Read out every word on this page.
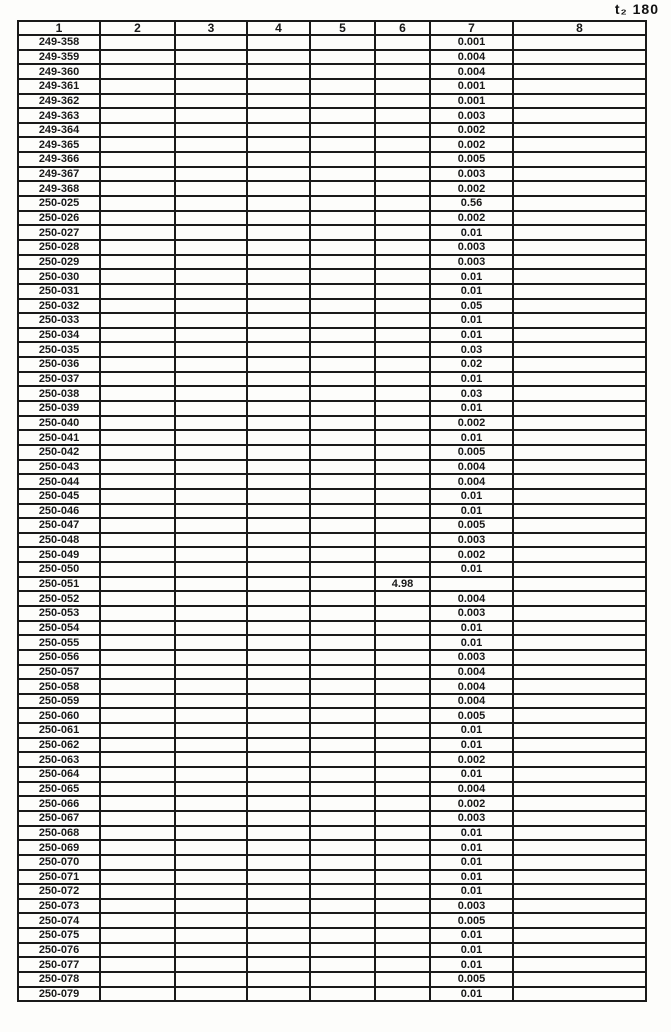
t₂ 180
1	2	3	4	5	6	7	8
249-358						0.001	
249-359						0.004	
249-360						0.004	
249-361						0.001	
249-362						0.001	
249-363						0.003	
249-364						0.002	
249-365						0.002	
249-366						0.005	
249-367						0.003	
249-368						0.002	
250-025						0.56	
250-026						0.002	
250-027						0.01	
250-028						0.003	
250-029						0.003	
250-030						0.01	
250-031						0.01	
250-032						0.05	
250-033						0.01	
250-034						0.01	
250-035						0.03	
250-036						0.02	
250-037						0.01	
250-038						0.03	
250-039						0.01	
250-040						0.002	
250-041						0.01	
250-042						0.005	
250-043						0.004	
250-044						0.004	
250-045						0.01	
250-046						0.01	
250-047						0.005	
250-048						0.003	
250-049						0.002	
250-050						0.01	
250-051					4.98		
250-052						0.004	
250-053						0.003	
250-054						0.01	
250-055						0.01	
250-056						0.003	
250-057						0.004	
250-058						0.004	
250-059						0.004	
250-060						0.005	
250-061						0.01	
250-062						0.01	
250-063						0.002	
250-064						0.01	
250-065						0.004	
250-066						0.002	
250-067						0.003	
250-068						0.01	
250-069						0.01	
250-070						0.01	
250-071						0.01	
250-072						0.01	
250-073						0.003	
250-074						0.005	
250-075						0.01	
250-076						0.01	
250-077						0.01	
250-078						0.005	
250-079						0.01	
